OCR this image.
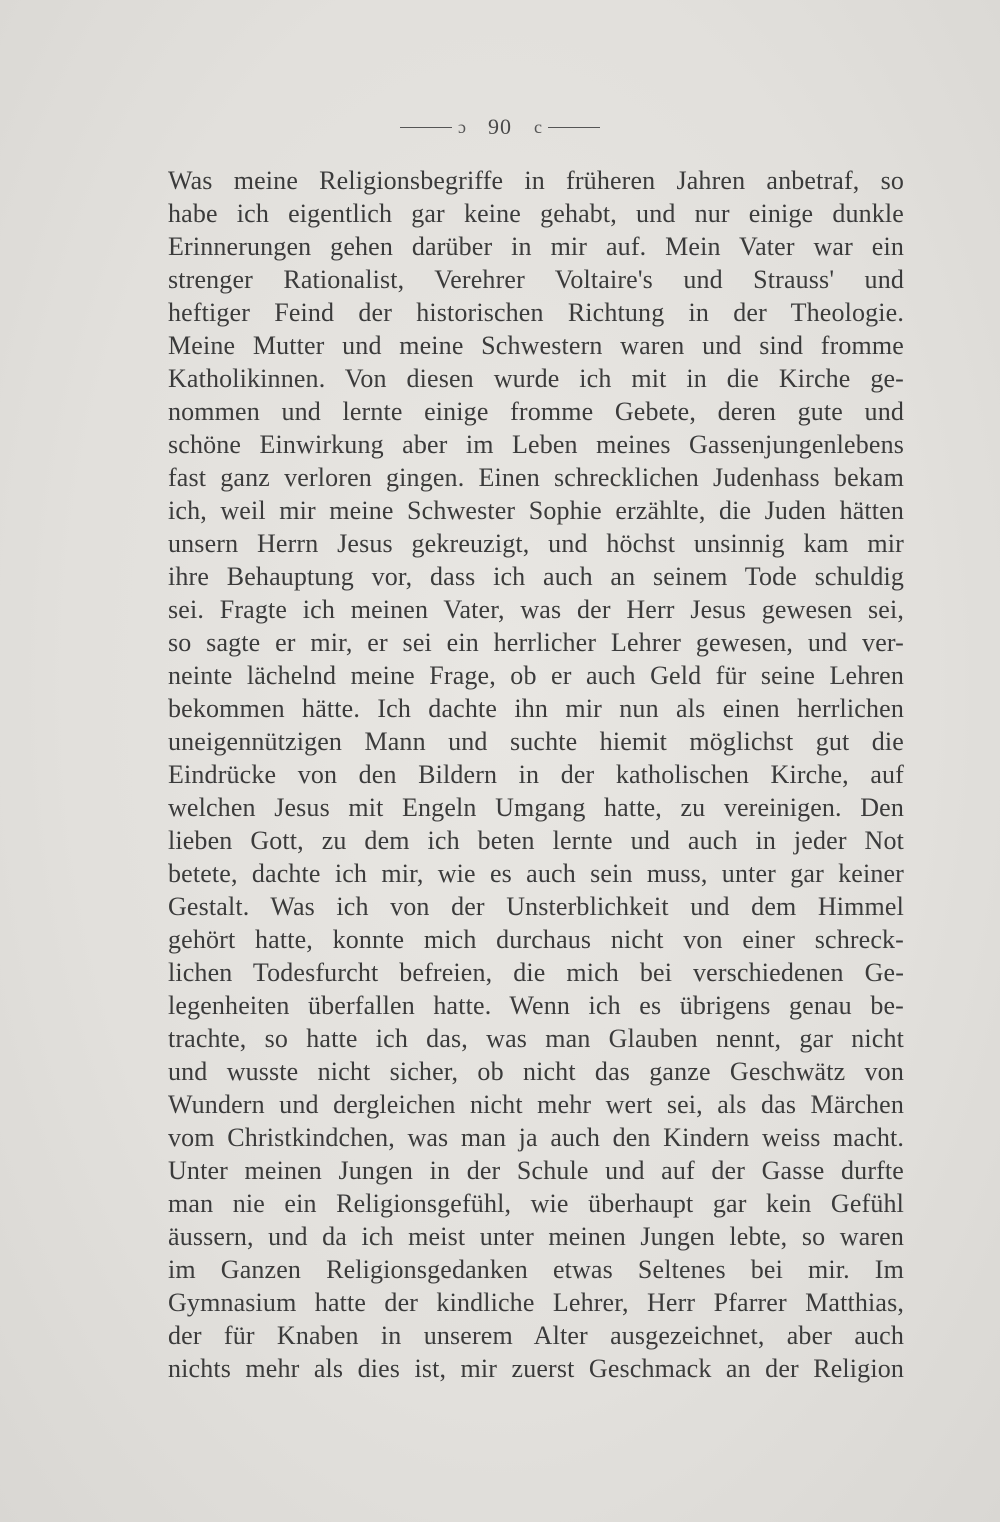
ɔ 90 c
Was meine Religionsbegriffe in früheren Jahren anbetraf, so
habe ich eigentlich gar keine gehabt, und nur einige dunkle
Erinnerungen gehen darüber in mir auf. Mein Vater war ein
strenger Rationalist, Verehrer Voltaire's und Strauss' und
heftiger Feind der historischen Richtung in der Theologie.
Meine Mutter und meine Schwestern waren und sind fromme
Katholikinnen. Von diesen wurde ich mit in die Kirche ge-
nommen und lernte einige fromme Gebete, deren gute und
schöne Einwirkung aber im Leben meines Gassenjungenlebens
fast ganz verloren gingen. Einen schrecklichen Judenhass bekam
ich, weil mir meine Schwester Sophie erzählte, die Juden hätten
unsern Herrn Jesus gekreuzigt, und höchst unsinnig kam mir
ihre Behauptung vor, dass ich auch an seinem Tode schuldig
sei. Fragte ich meinen Vater, was der Herr Jesus gewesen sei,
so sagte er mir, er sei ein herrlicher Lehrer gewesen, und ver-
neinte lächelnd meine Frage, ob er auch Geld für seine Lehren
bekommen hätte. Ich dachte ihn mir nun als einen herrlichen
uneigennützigen Mann und suchte hiemit möglichst gut die
Eindrücke von den Bildern in der katholischen Kirche, auf
welchen Jesus mit Engeln Umgang hatte, zu vereinigen. Den
lieben Gott, zu dem ich beten lernte und auch in jeder Not
betete, dachte ich mir, wie es auch sein muss, unter gar keiner
Gestalt. Was ich von der Unsterblichkeit und dem Himmel
gehört hatte, konnte mich durchaus nicht von einer schreck-
lichen Todesfurcht befreien, die mich bei verschiedenen Ge-
legenheiten überfallen hatte. Wenn ich es übrigens genau be-
trachte, so hatte ich das, was man Glauben nennt, gar nicht
und wusste nicht sicher, ob nicht das ganze Geschwätz von
Wundern und dergleichen nicht mehr wert sei, als das Märchen
vom Christkindchen, was man ja auch den Kindern weiss macht.
Unter meinen Jungen in der Schule und auf der Gasse durfte
man nie ein Religionsgefühl, wie überhaupt gar kein Gefühl
äussern, und da ich meist unter meinen Jungen lebte, so waren
im Ganzen Religionsgedanken etwas Seltenes bei mir. Im
Gymnasium hatte der kindliche Lehrer, Herr Pfarrer Matthias,
der für Knaben in unserem Alter ausgezeichnet, aber auch
nichts mehr als dies ist, mir zuerst Geschmack an der Religion
